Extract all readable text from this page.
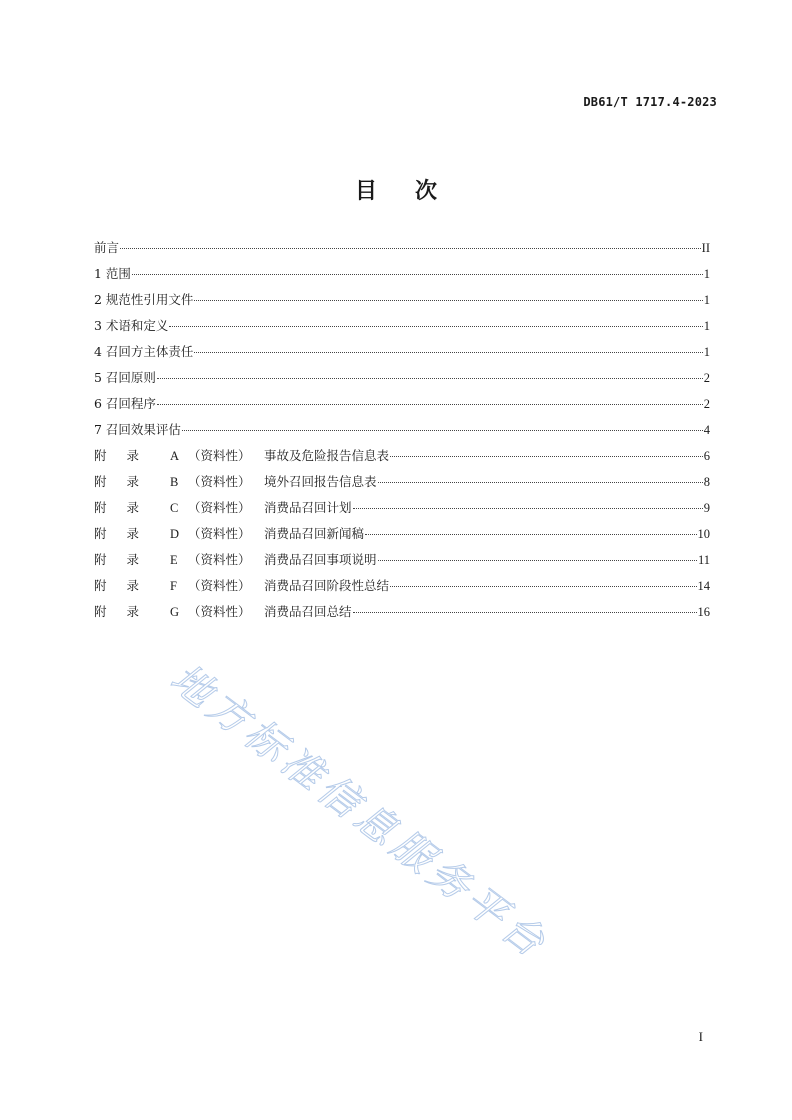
DB61/T 1717.4-2023
目次
前言	II
1 范围	1
2 规范性引用文件	1
3 术语和定义	1
4 召回方主体责任	1
5 召回原则	2
6 召回程序	2
7 召回效果评估	4
附录 A （资料性） 事故及危险报告信息表	6
附录 B （资料性） 境外召回报告信息表	8
附录 C （资料性） 消费品召回计划	9
附录 D （资料性） 消费品召回新闻稿	10
附录 E （资料性） 消费品召回事项说明	11
附录 F （资料性） 消费品召回阶段性总结	14
附录 G （资料性） 消费品召回总结	16
地方标准信息服务平台
I
